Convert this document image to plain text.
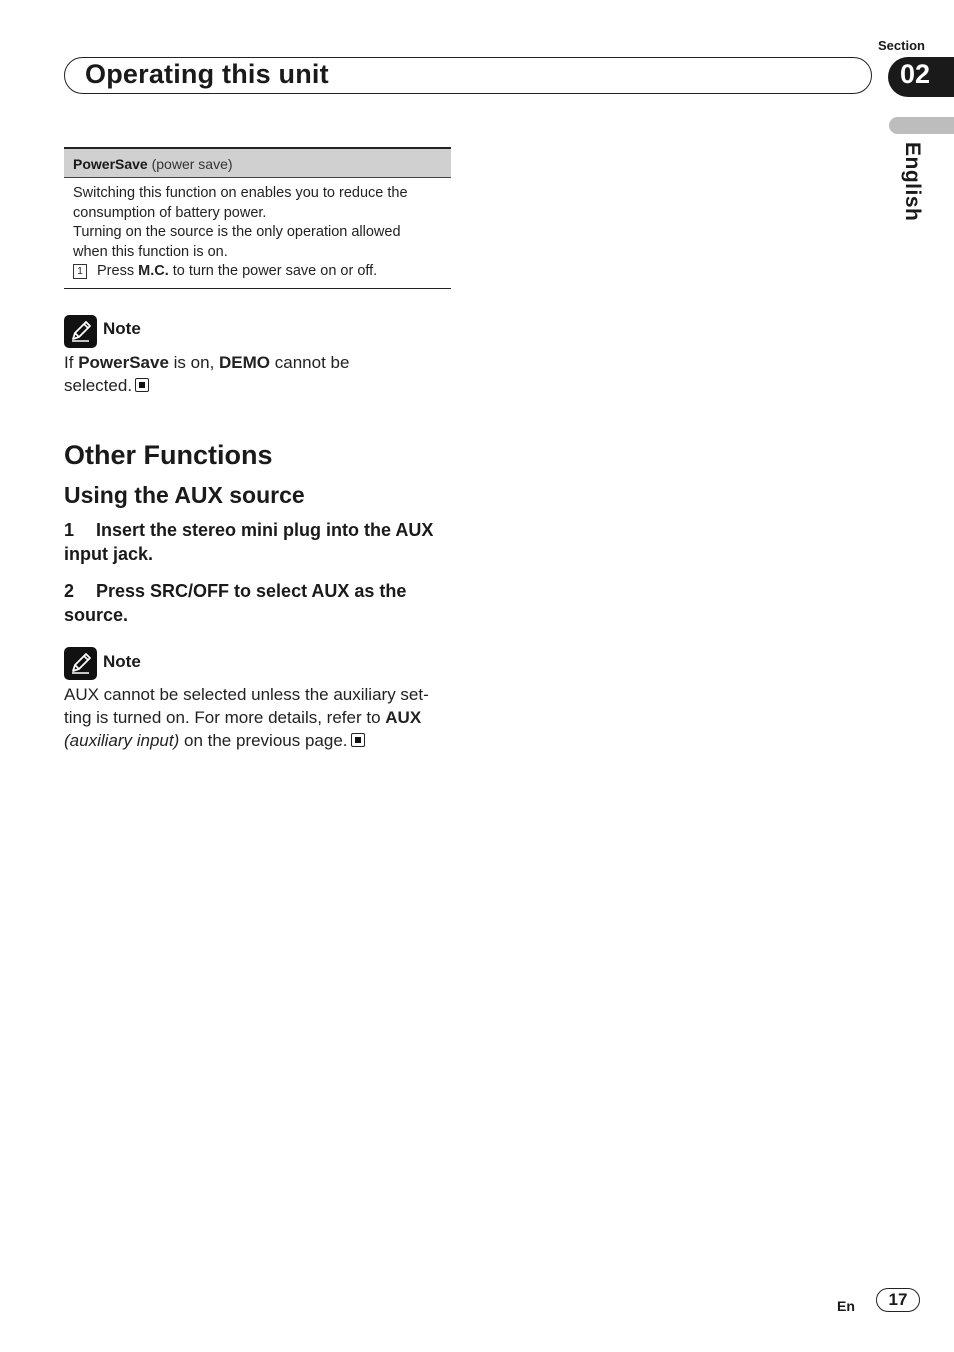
Section
Operating this unit	02
English
PowerSave (power save)
Switching this function on enables you to reduce the
consumption of battery power.
Turning on the source is the only operation allowed
when this function is on.
1 Press M.C. to turn the power save on or off.
Note
If PowerSave is on, DEMO cannot be
selected.
Other Functions
Using the AUX source
1 Insert the stereo mini plug into the AUX input jack.
2 Press SRC/OFF to select AUX as the source.
Note
AUX cannot be selected unless the auxiliary set-
ting is turned on. For more details, refer to AUX
(auxiliary input) on the previous page.
En	17
